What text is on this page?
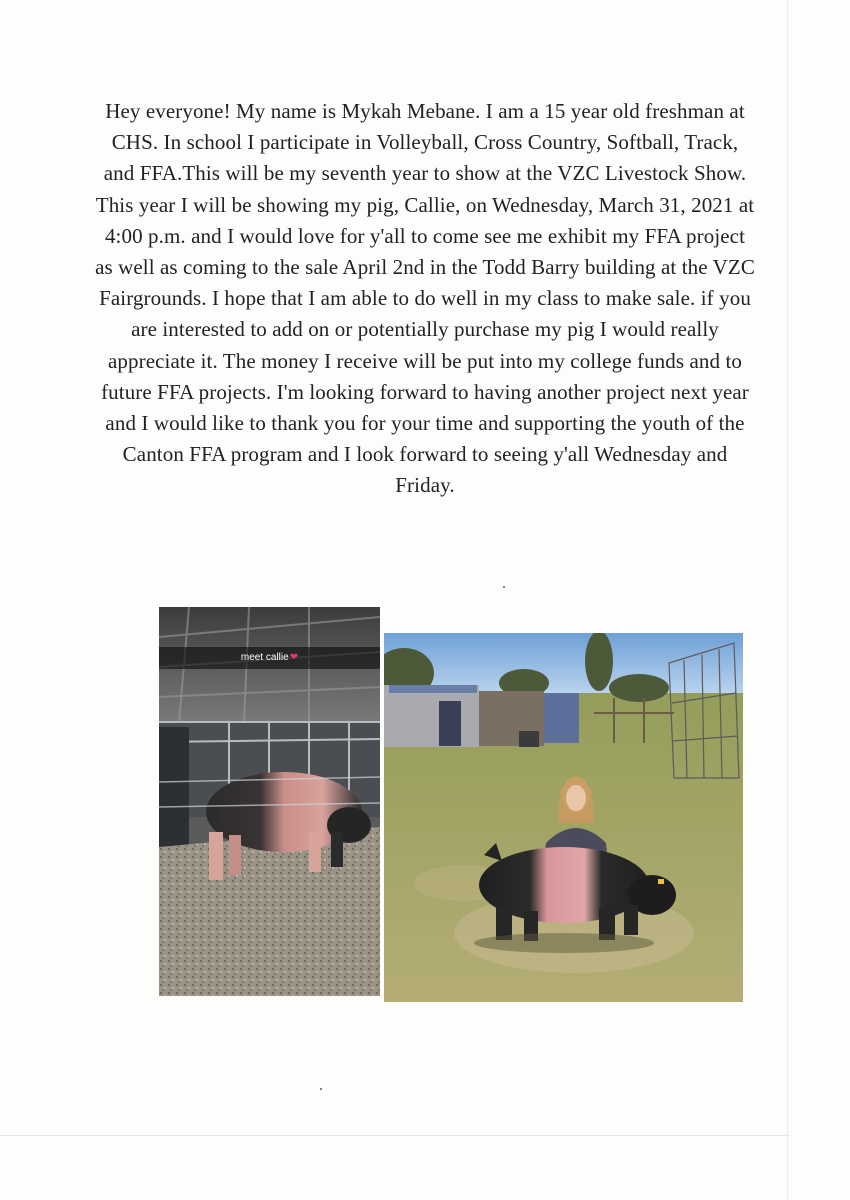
Hey everyone! My name is Mykah Mebane. I am a 15 year old freshman at CHS. In school I participate in Volleyball, Cross Country, Softball, Track, and FFA.This will be my seventh year to show at the VZC Livestock Show. This year I will be showing my pig, Callie, on Wednesday, March 31, 2021 at 4:00 p.m. and I would love for y'all to come see me exhibit my FFA project as well as coming to the sale April 2nd in the Todd Barry building at the VZC Fairgrounds. I hope that I am able to do well in my class to make sale. if you are interested to add on or potentially purchase my pig I would really appreciate it. The money I receive will be put into my college funds and to future FFA projects. I'm looking forward to having another project next year and I would like to thank you for your time and supporting the youth of the Canton FFA program and I look forward to seeing y'all Wednesday and Friday.

meet callie❤
